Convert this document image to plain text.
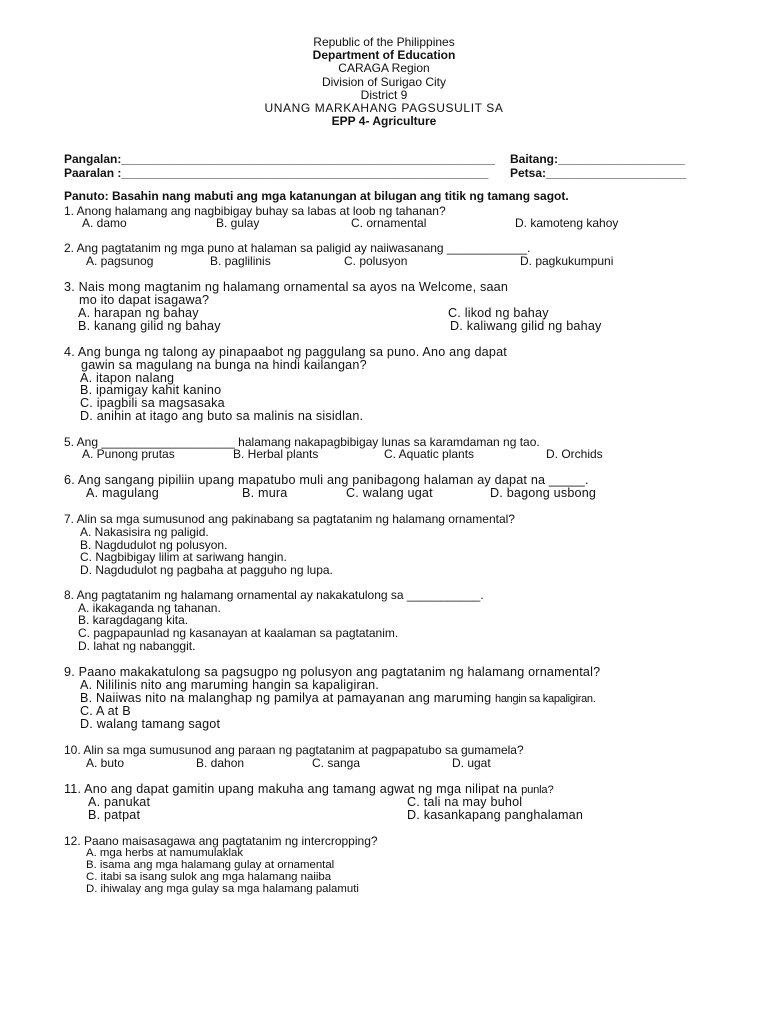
Republic of the Philippines
Department of Education
CARAGA Region
Division of Surigao City
District 9
UNANG MARKAHANG PAGSUSULIT SA
EPP 4- Agriculture
Pangalan:________________________________________________________ Baitang:___________________
Paaralan :_______________________________________________________ Petsa:_____________________
Panuto: Basahin nang mabuti ang mga katanungan at bilugan ang titik ng tamang sagot.
1. Anong halamang ang nagbibigay buhay sa labas at loob ng tahanan?
A. damo	B. gulay	C. ornamental	D. kamoteng kahoy
2. Ang pagtatanim ng mga puno at halaman sa paligid ay naiiwasanang ____________.
A. pagsunog	B. paglilinis	C. polusyon	D. pagkukumpuni
3. Nais mong magtanim ng halamang ornamental sa ayos na Welcome, saan
mo ito dapat isagawa?
A. harapan ng bahay	C. likod ng bahay
B. kanang gilid ng bahay	D. kaliwang gilid ng bahay
4. Ang bunga ng talong ay pinapaabot ng paggulang sa puno. Ano ang dapat
gawin sa magulang na bunga na hindi kailangan?
A. itapon nalang
B. ipamigay kahit kanino
C. ipagbili sa magsasaka
D. anihin at itago ang buto sa malinis na sisidlan.
5. Ang ____________________ halamang nakapagbibigay lunas sa karamdaman ng tao.
A. Punong prutas	B. Herbal plants	C. Aquatic plants	D. Orchids
6. Ang sangang pipiliin upang mapatubo muli ang panibagong halaman ay dapat na _____.
A. magulang	B. mura	C. walang ugat	D. bagong usbong
7. Alin sa mga sumusunod ang pakinabang sa pagtatanim ng halamang ornamental?
A. Nakasisira ng paligid.
B. Nagdudulot ng polusyon.
C. Nagbibigay lilim at sariwang hangin.
D. Nagdudulot ng pagbaha at pagguho ng lupa.
8. Ang pagtatanim ng halamang ornamental ay nakakatulong sa ___________.
A. ikakaganda ng tahanan.
B. karagdagang kita.
C. pagpapaunlad ng kasanayan at kaalaman sa pagtatanim.
D. lahat ng nabanggit.
9. Paano makakatulong sa pagsugpo ng polusyon ang pagtatanim ng halamang ornamental?
A. Nililinis nito ang maruming hangin sa kapaligiran.
B. Naiiwas nito na malanghap ng pamilya at pamayanan ang maruming hangin sa kapaligiran.
C. A at B
D. walang tamang sagot
10. Alin sa mga sumusunod ang paraan ng pagtatanim at pagpapatubo sa gumamela?
A. buto	B. dahon	C. sanga	D. ugat
11. Ano ang dapat gamitin upang makuha ang tamang agwat ng mga nilipat na punla?
A. panukat	C. tali na may buhol
B. patpat	D. kasankapang panghalaman
12. Paano maisasagawa ang pagtatanim ng intercropping?
A. mga herbs at namumulaklak
B. isama ang mga halamang gulay at ornamental
C. itabi sa isang sulok ang mga halamang naiiba
D. ihiwalay ang mga gulay sa mga halamang palamuti
